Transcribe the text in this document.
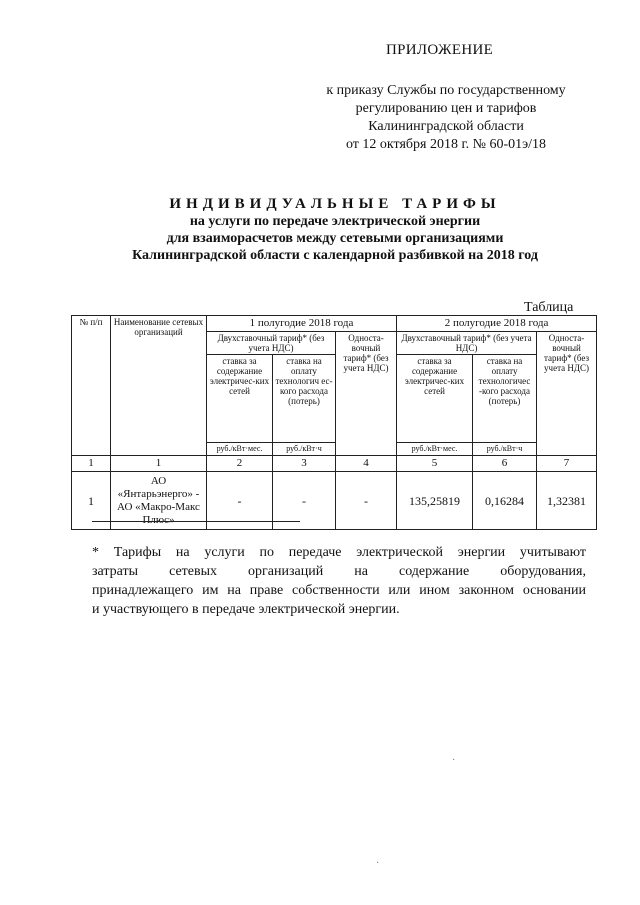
ПРИЛОЖЕНИЕ
к приказу Службы по государственному
регулированию цен и тарифов
Калининградской области
от 12 октября 2018 г. № 60-01э/18
ИНДИВИДУАЛЬНЫЕ ТАРИФЫ
на услуги по передаче электрической энергии
для взаиморасчетов между сетевыми организациями
Калининградской области с календарной разбивкой на 2018 год
Таблица
№ п/п	Наименование сетевых организаций	1 полугодие 2018 года			2 полугодие 2018 года		
		Двухставочный тариф* (без учета НДС)		Односта-вочный тариф* (без учета НДС)	Двухставочный тариф* (без учета НДС)		Односта-вочный тариф* (без учета НДС)
		ставка за содержание электричес-ких сетей	ставка на оплату технологич ес-кого расхода (потерь)		ставка за содержание электричес-ких сетей	ставка на оплату технологичес -кого расхода (потерь)	
		руб./кВт·мес.	руб./кВт·ч		руб./кВт·мес.	руб./кВт·ч	
1	1	2	3	4	5	6	7
1	АО «Янтарьэнерго» - АО «Макро-Макс Плюс»	-	-	-	135,25819	0,16284	1,32381
* Тарифы на услуги по передаче электрической энергии учитывают
затраты сетевых организаций на содержание оборудования,
принадлежащего им на праве собственности или ином законном основании
и участвующего в передаче электрической энергии.
·
·
